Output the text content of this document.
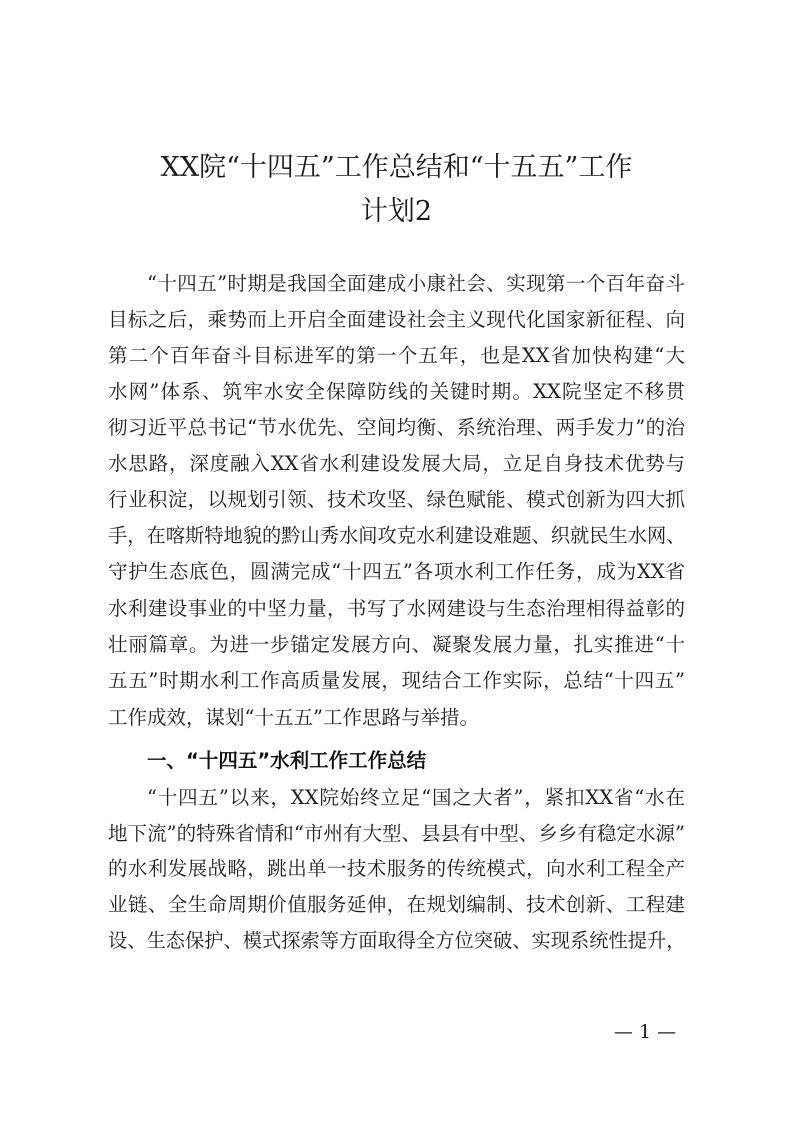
XX院“十四五”工作总结和“十五五”工作
计划2
“十四五”时期是我国全面建成小康社会、实现第一个百年奋斗
目标之后，乘势而上开启全面建设社会主义现代化国家新征程、向
第二个百年奋斗目标进军的第一个五年，也是XX省加快构建“大
水网”体系、筑牢水安全保障防线的关键时期。XX院坚定不移贯
彻习近平总书记“节水优先、空间均衡、系统治理、两手发力”的治
水思路，深度融入XX省水利建设发展大局，立足自身技术优势与
行业积淀，以规划引领、技术攻坚、绿色赋能、模式创新为四大抓
手，在喀斯特地貌的黔山秀水间攻克水利建设难题、织就民生水网、
守护生态底色，圆满完成“十四五”各项水利工作任务，成为XX省
水利建设事业的中坚力量，书写了水网建设与生态治理相得益彰的
壮丽篇章。为进一步锚定发展方向、凝聚发展力量，扎实推进“十
五五”时期水利工作高质量发展，现结合工作实际，总结“十四五”
工作成效，谋划“十五五”工作思路与举措。
一、“十四五”水利工作工作总结
“十四五”以来，XX院始终立足“国之大者”，紧扣XX省“水在
地下流”的特殊省情和“市州有大型、县县有中型、乡乡有稳定水源”
的水利发展战略，跳出单一技术服务的传统模式，向水利工程全产
业链、全生命周期价值服务延伸，在规划编制、技术创新、工程建
设、生态保护、模式探索等方面取得全方位突破、实现系统性提升，
— 1 —
